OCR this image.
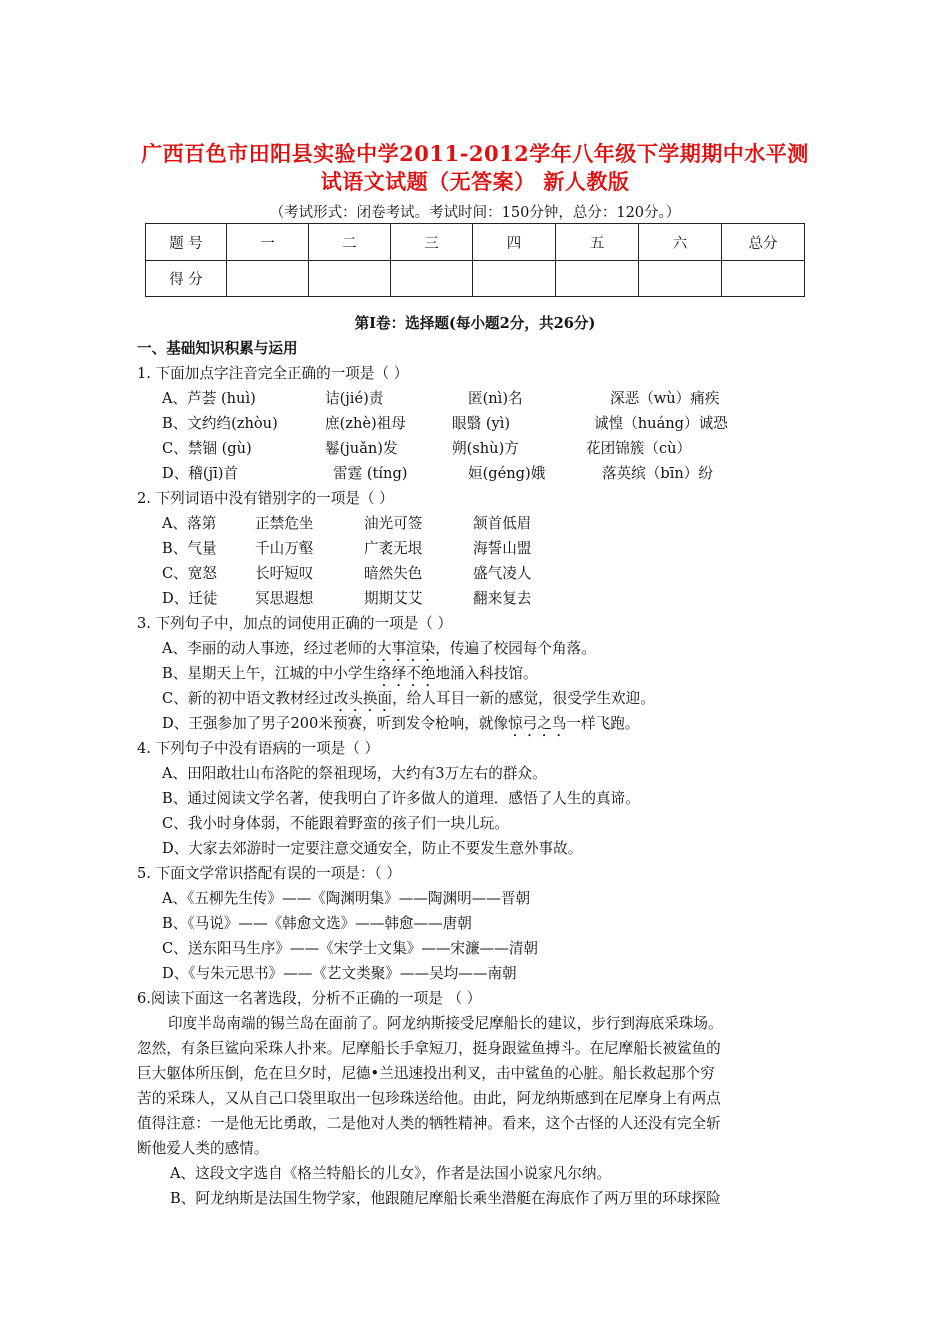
广西百色市田阳县实验中学2011-2012学年八年级下学期期中水平测
试语文试题（无答案） 新人教版
（考试形式：闭卷考试。考试时间：150分钟，总分：120分。）
题 号	一	二	三	四	五	六	总分
得 分							
第Ⅰ卷：选择题(每小题2分，共26分)
一、基础知识积累与运用
1. 下面加点字注音完全正确的一项是（ ）
A、芦荟 (huì)	诘(jié)责	匿(nì)名	深恶（wù）痛疾
B、文约绉(zhòu)	庶(zhè)祖母	眼翳 (yì)	诚惶（huáng）诚恐
C、禁锢 (gù)	鬈(juǎn)发	朔(shù)方	花团锦簇（cù）
D、稽(jī)首	雷霆 (tíng)	姮(géng)娥	落英缤（bīn）纷
2. 下列词语中没有错别字的一项是（ ）
A、落第	正禁危坐	油光可签	颔首低眉
B、气量	千山万壑	广袤无垠	海誓山盟
C、宽怒	长吁短叹	暗然失色	盛气凌人
D、迁徒	冥思遐想	期期艾艾	翻来复去
3. 下列句子中，加点的词使用正确的一项是（ ）
A、李丽的动人事迹，经过老师的大事渲染，传遍了校园每个角落。
B、星期天上午，江城的中小学生络绎不绝地涌入科技馆。
C、新的初中语文教材经过改头换面，给人耳目一新的感觉，很受学生欢迎。
D、王强参加了男子200米预赛，听到发令枪响，就像惊弓之鸟一样飞跑。
4. 下列句子中没有语病的一项是（ ）
A、田阳敢壮山布洛陀的祭祖现场，大约有3万左右的群众。
B、通过阅读文学名著，使我明白了许多做人的道理．感悟了人生的真谛。
C、我小时身体弱，不能跟着野蛮的孩子们一块儿玩。
D、大家去郊游时一定要注意交通安全，防止不要发生意外事故。
5. 下面文学常识搭配有误的一项是：（ ）
A、《五柳先生传》——《陶渊明集》——陶渊明——晋朝
B、《马说》——《韩愈文选》——韩愈——唐朝
C、送东阳马生序》——《宋学士文集》——宋濂——清朝
D、《与朱元思书》——《艺文类聚》——吴均——南朝
6.阅读下面这一名著选段，分析不正确的一项是 （ ）
印度半岛南端的锡兰岛在面前了。阿龙纳斯接受尼摩船长的建议，步行到海底采珠场。
忽然，有条巨鲨向采珠人扑来。尼摩船长手拿短刀，挺身跟鲨鱼搏斗。在尼摩船长被鲨鱼的
巨大躯体所压倒，危在旦夕时，尼德•兰迅速投出利叉，击中鲨鱼的心脏。船长救起那个穷
苦的采珠人，又从自己口袋里取出一包珍珠送给他。由此，阿龙纳斯感到在尼摩身上有两点
值得注意：一是他无比勇敢，二是他对人类的牺牲精神。看来，这个古怪的人还没有完全斩
断他爱人类的感情。
A、这段文字选自《格兰特船长的儿女》，作者是法国小说家凡尔纳。
B、阿龙纳斯是法国生物学家，他跟随尼摩船长乘坐潜艇在海底作了两万里的环球探险
